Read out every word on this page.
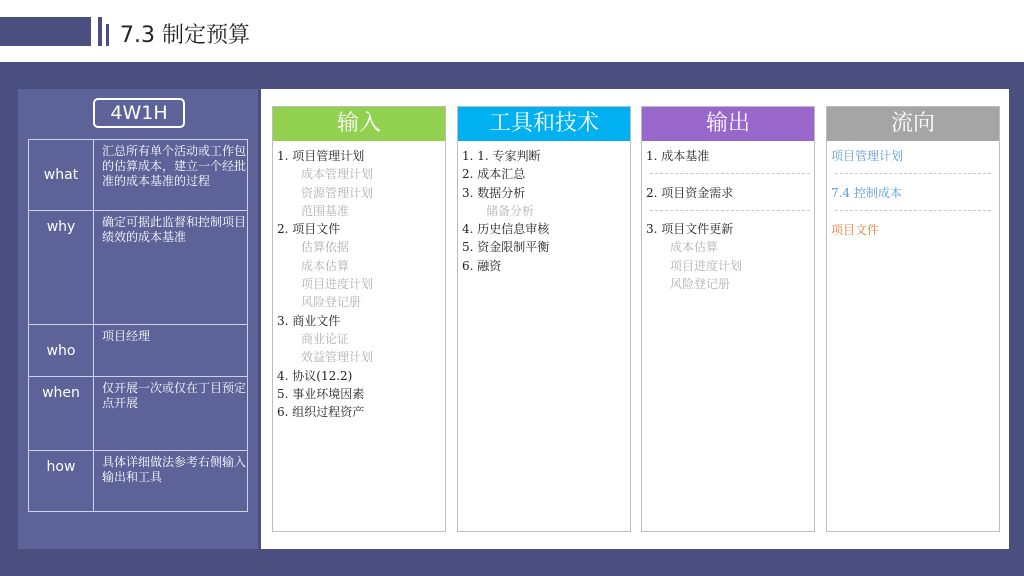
7.3 制定预算
4W1H
what	汇总所有单个活动或工作包的估算成本，建立一个经批准的成本基准的过程
why	确定可据此监督和控制项目绩效的成本基准
who	项目经理
when	仅开展一次或仅在丁目预定点开展
how	具体详细做法参考右侧输入输出和工具
输入
1. 项目管理计划
成本管理计划
资源管理计划
范围基准
2. 项目文件
估算依据
成本估算
项目进度计划
风险登记册
3. 商业文件
商业论证
效益管理计划
4. 协议(12.2)
5. 事业环境因素
6. 组织过程资产
工具和技术
1. 1. 专家判断
2. 成本汇总
3. 数据分析
储备分析
4. 历史信息审核
5. 资金限制平衡
6. 融资
输出
1. 成本基准
2. 项目资金需求
3. 项目文件更新
成本估算
项目进度计划
风险登记册
流向
项目管理计划
7.4 控制成本
项目文件
